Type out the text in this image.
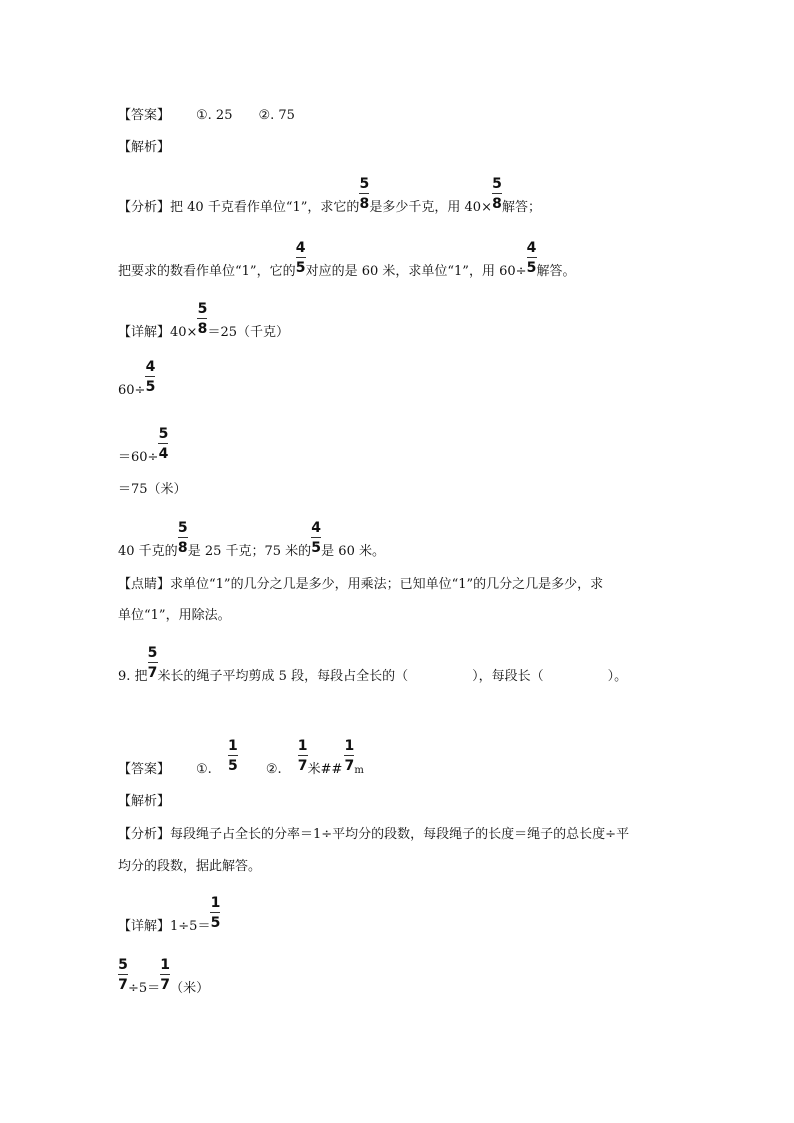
【答案】 ①. 25 ②. 75
【解析】
【分析】把 40 千克看作单位“1”，求它的 $\frac{5}{8}$ 是多少千克，用 $40\times \frac{5}{8}$ 解答；
把要求的数看作单位“1”，它的 $\frac{4}{5}$ 对应的是 60 米，求单位“1”，用 $60\div \frac{4}{5}$ 解答。
【详解】$40\times \frac{5}{8} =25$（千克）
$60\div \frac{4}{5}$
$=60\div \frac{5}{4}$
＝75（米）
40 千克的 $\frac{5}{8}$ 是 25 千克；75 米的 $\frac{4}{5}$ 是 60 米。
【点睛】求单位“1”的几分之几是多少，用乘法；已知单位“1”的几分之几是多少，求
单位“1”，用除法。
9. 把 $\frac{5}{7}$ 米长的绳子平均剪成 5 段，每段占全长的（	），每段长（	）。
【答案】 ①. $\frac{1}{5}$ ②. $\frac{1}{7}$ 米## $\frac{1}{7}$ m
【解析】
【分析】每段绳子占全长的分率＝1÷平均分的段数，每段绳子的长度＝绳子的总长度÷平
均分的段数，据此解答。
【详解】$1\div 5= \frac{1}{5}$
$\frac{5}{7} \div 5= \frac{1}{7}$ （米）
